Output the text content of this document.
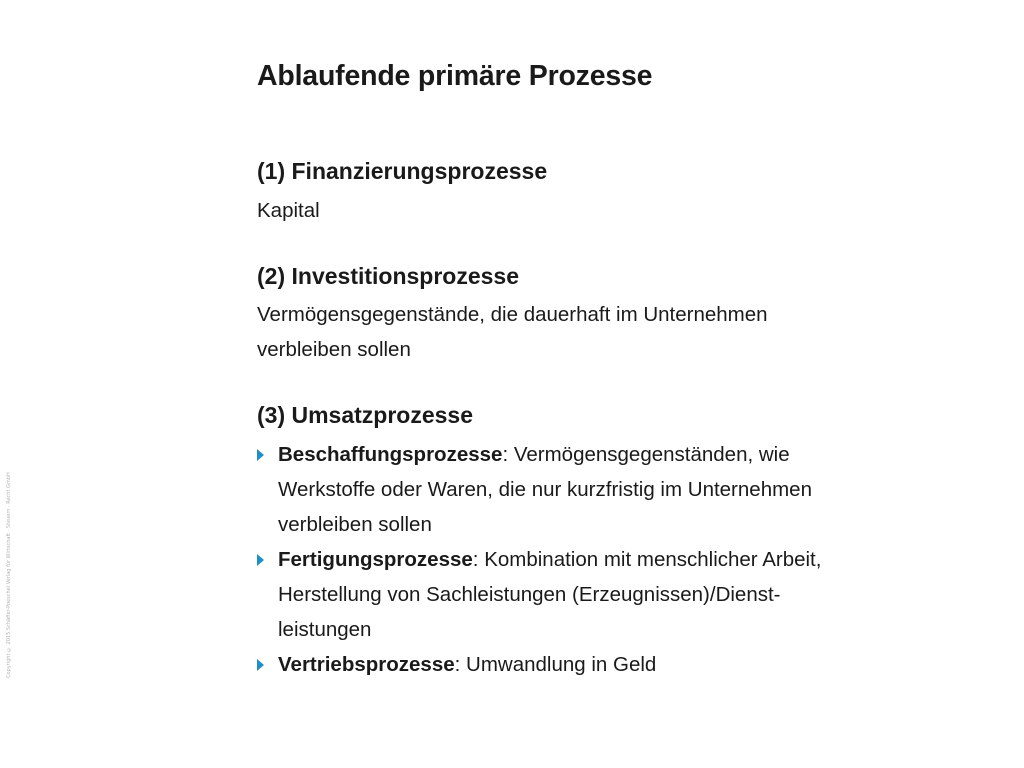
Copyright © 2015 Schäffer-Poeschel Verlag für Wirtschaft · Steuern · Recht GmbH
Ablaufende primäre Prozesse

(1) Finanzierungsprozesse

Kapital

(2) Investitionsprozesse

Vermögensgegenstände, die dauerhaft im Unternehmen
verbleiben sollen

(3) Umsatzprozesse

Beschaffungsprozesse: Vermögensgegenständen, wie
Werkstoffe oder Waren, die nur kurzfristig im Unternehmen
verbleiben sollen
Fertigungsprozesse: Kombination mit menschlicher Arbeit,
Herstellung von Sachleistungen (Erzeugnissen)/Dienst-
leistungen
Vertriebsprozesse: Umwandlung in Geld
